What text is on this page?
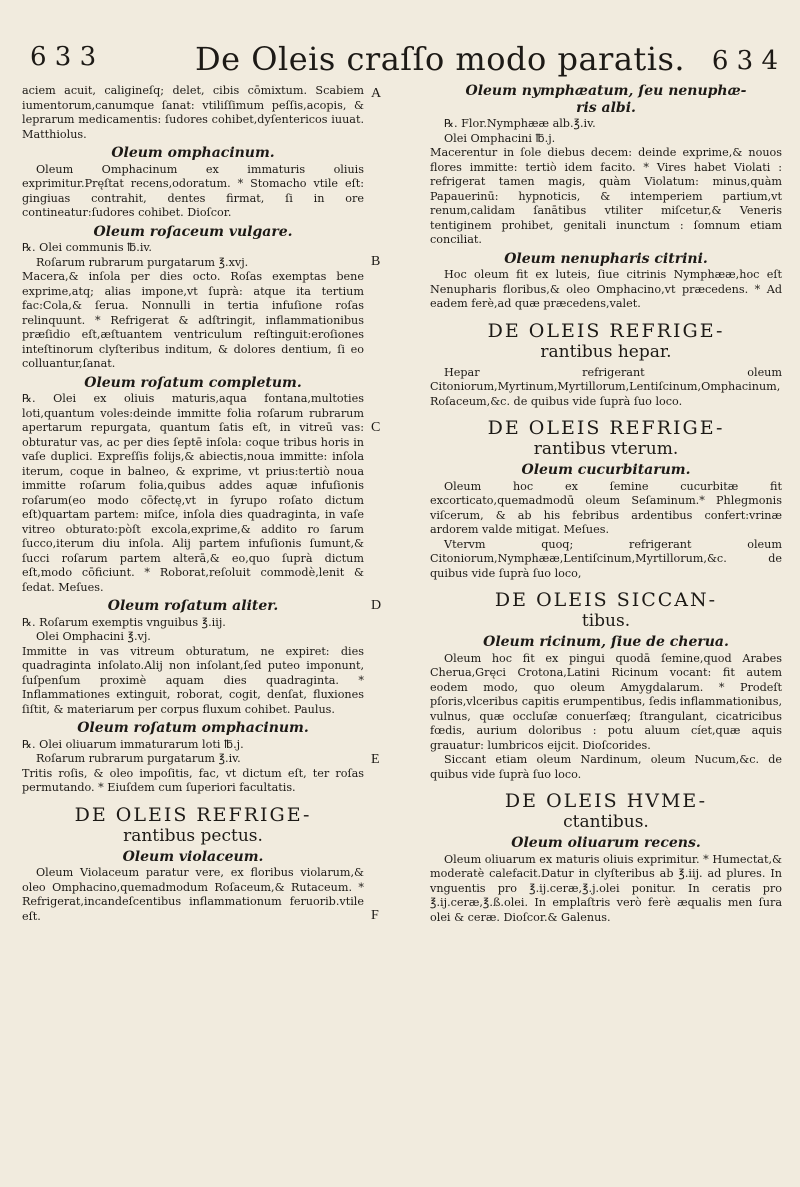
6 3 3	De Oleis craſſo modo paratis. 6 3 4
A
B
C
D
E
F

aciem acuit, caligineſq; delet, cibis cōmixtum. Scabiem iumentorum,canumque ſanat: vtiliſſimum peſſis,acopis, & leprarum medicamentis: ſudores cohibet,dyſentericos iuuat. Matthiolus.

Oleum omphacinum.

Oleum Omphacinum ex immaturis oliuis exprimitur.Pręſtat recens,odoratum. * Stomacho vtile eſt: gingiuas contrahit, dentes firmat, ſi in ore contineatur:ſudores cohibet. Dioſcor.

Oleum roſaceum vulgare.

℞. Olei communis ℔.iv.

Roſarum rubrarum purgatarum ℥.xvj.

Macera,& inſola per dies octo. Roſas exemptas bene exprime,atq; alias impone,vt ſuprà: atque ita tertium fac:Cola,& ſerua. Nonnulli in tertia infuſione roſas relinquunt. * Refrigerat & adſtringit, inflammationibus præſidio eſt,æſtuantem ventriculum reſtinguit:eroſiones inteſtinorum clyſteribus inditum, & dolores dentium, ſi eo colluantur,ſanat.

Oleum roſatum completum.

℞. Olei ex oliuis maturis,aqua fontana,multoties loti,quantum voles:deinde immitte folia roſarum rubrarum apertarum repurgata, quantum ſatis eſt, in vitreū vas: obturatur vas, ac per dies ſeptē inſola: coque tribus horis in vaſe duplici. Expreſſis folijs,& abiectis,noua immitte: inſola iterum, coque in balneo, & exprime, vt prius:tertiò noua immitte roſarum folia,quibus addes aquæ infuſionis roſarum(eo modo cōfectę,vt in ſyrupo roſato dictum eſt)quartam partem: miſce, inſola dies quadraginta, in vaſe vitreo obturato:pòſt excola,exprime,& addito ro ſarum ſucco,iterum diu inſola. Alij partem infuſionis ſumunt,& ſucci roſarum partem alterā,& eo,quo ſuprà dictum eſt,modo cōficiunt. * Roborat,reſoluit commodè,lenit & ſedat. Meſues.

Oleum roſatum aliter.

℞. Roſarum exemptis vnguibus ℥.iij.

Olei Omphacini ℥.vj.

Immitte in vas vitreum obturatum, ne expiret: dies quadraginta inſolato.Alij non inſolant,ſed puteo imponunt, ſuſpenſum proximè aquam dies quadraginta. * Inflammationes extinguit, roborat, cogit, denſat, fluxiones ſiſtit, & materiarum per corpus fluxum cohibet. Paulus.

Oleum roſatum omphacinum.

℞. Olei oliuarum immaturarum loti ℔.j.

Roſarum rubrarum purgatarum ℥.iv.

Tritis roſis, & oleo impoſitis, fac, vt dictum eſt, ter roſas permutando. * Eiuſdem cum ſuperiori facultatis.

DE OLEIS REFRIGE-
rantibus pectus.
Oleum violaceum.

Oleum Violaceum paratur vere, ex floribus violarum,& oleo Omphacino,quemadmodum Roſaceum,& Rutaceum. * Refrigerat,incandeſcentibus inflammationum feruorib.vtile eſt.

Oleum nymphæatum, ſeu nenuphæ-
ris albi.

℞. Flor.Nymphææ alb.℥.iv.

Olei Omphacini ℔.j.

Macerentur in ſole diebus decem: deinde exprime,& nouos flores immitte: tertiò idem facito. * Vires habet Violati : refrigerat tamen magis, quàm Violatum: minus,quàm Papauerinū: hypnoticis, & intemperiem partium,vt renum,calidam ſanātibus vtiliter miſcetur,& Veneris tentiginem prohibet, genitali inunctum : ſomnum etiam conciliat.

Oleum nenupharis citrini.

Hoc oleum fit ex luteis, ſiue citrinis Nymphææ,hoc eſt Nenupharis floribus,& oleo Omphacino,vt præcedens. * Ad eadem ferè,ad quæ præcedens,valet.

DE OLEIS REFRIGE-
rantibus hepar.

Hepar refrigerant oleum Citoniorum,Myrtinum,Myrtillorum,Lentiſcinum,Omphacinum, Roſaceum,&c. de quibus vide ſuprà ſuo loco.

DE OLEIS REFRIGE-
rantibus vterum.
Oleum cucurbitarum.

Oleum hoc ex ſemine cucurbitæ fit excorticato,quemadmodū oleum Seſaminum.* Phlegmonis viſcerum, & ab his febribus ardentibus confert:vrinæ ardorem valde mitigat. Meſues.

Vtervm quoq; refrigerant oleum Citoniorum,Nymphææ,Lentiſcinum,Myrtillorum,&c. de quibus vide ſuprà ſuo loco,

DE OLEIS SICCAN-
tibus.
Oleum ricinum, ſiue de cherua.

Oleum hoc fit ex pingui quodā ſemine,quod Arabes Cherua,Gręci Crotona,Latini Ricinum vocant: fit autem eodem modo, quo oleum Amygdalarum. * Prodeſt pſoris,vlceribus capitis erumpentibus, ſedis inflammationibus, vulnus, quæ occluſæ conuerſæq; ſtrangulant, cicatricibus fœdis, aurium doloribus : potu aluum cíet,quæ aquis grauatur: lumbricos eijcit. Dioſcorides.

Siccant etiam oleum Nardinum, oleum Nucum,&c. de quibus vide ſuprà ſuo loco.

DE OLEIS HVME-
ctantibus.
Oleum oliuarum recens.

Oleum oliuarum ex maturis oliuis exprimitur. * Humectat,& moderatè calefacit.Datur in clyſteribus ab ℥.iij. ad plures. In vnguentis pro ℥.ij.ceræ,℥.j.olei ponitur. In ceratis pro ℥.ij.ceræ,℥.ß.olei. In emplaſtris verò ferè æqualis men ſura olei & ceræ. Dioſcor.& Galenus.
